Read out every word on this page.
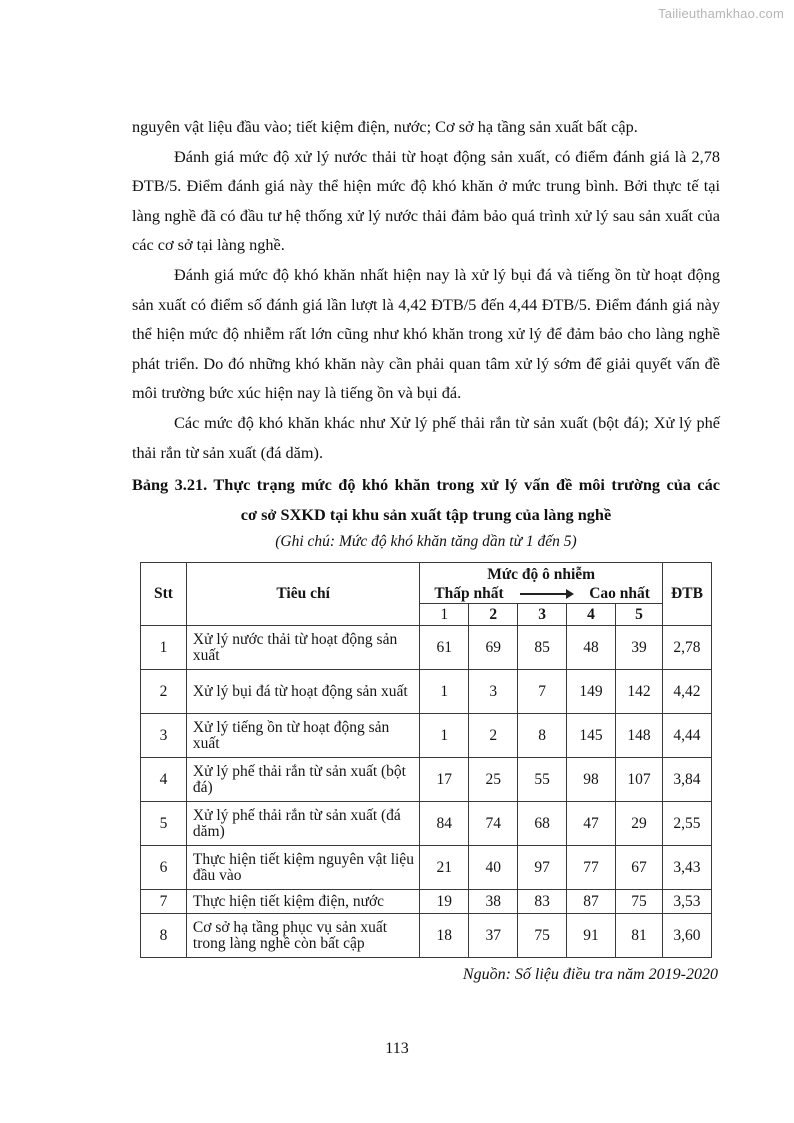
Tailieuthamkhao.com

nguyên vật liệu đầu vào; tiết kiệm điện, nước; Cơ sở hạ tầng sản xuất bất cập.

Đánh giá mức độ xử lý nước thải từ hoạt động sản xuất, có điểm đánh giá là 2,78 ĐTB/5. Điểm đánh giá này thể hiện mức độ khó khăn ở mức trung bình. Bởi thực tế tại làng nghề đã có đầu tư hệ thống xử lý nước thải đảm bảo quá trình xử lý sau sản xuất của các cơ sở tại làng nghề.

Đánh giá mức độ khó khăn nhất hiện nay là xử lý bụi đá và tiếng ồn từ hoạt động sản xuất có điểm số đánh giá lần lượt là 4,42 ĐTB/5 đến 4,44 ĐTB/5. Điểm đánh giá này thể hiện mức độ nhiễm rất lớn cũng như khó khăn trong xử lý để đảm bảo cho làng nghề phát triển. Do đó những khó khăn này cần phải quan tâm xử lý sớm để giải quyết vấn đề môi trường bức xúc hiện nay là tiếng ồn và bụi đá.

Các mức độ khó khăn khác như Xử lý phế thải rắn từ sản xuất (bột đá); Xử lý phế thải rắn từ sản xuất (đá dăm).

Bảng 3.21. Thực trạng mức độ khó khăn trong xử lý vấn đề môi trường của các
cơ sở SXKD tại khu sản xuất tập trung của làng nghề
(Ghi chú: Mức độ khó khăn tăng dần từ 1 đến 5)
Stt	Tiêu chí	Mức độ ô nhiễm
Thấp nhất Cao nhất					ĐTB
		1	2	3	4	5	
1	Xử lý nước thải từ hoạt động sản xuất	61	69	85	48	39	2,78
2	Xử lý bụi đá từ hoạt động sản xuất	1	3	7	149	142	4,42
3	Xử lý tiếng ồn từ hoạt động sản xuất	1	2	8	145	148	4,44
4	Xử lý phế thải rắn từ sản xuất (bột đá)	17	25	55	98	107	3,84
5	Xử lý phế thải rắn từ sản xuất (đá dăm)	84	74	68	47	29	2,55
6	Thực hiện tiết kiệm nguyên vật liệu đầu vào	21	40	97	77	67	3,43
7	Thực hiện tiết kiệm điện, nước	19	38	83	87	75	3,53
8	Cơ sở hạ tầng phục vụ sản xuất trong làng nghề còn bất cập	18	37	75	91	81	3,60
Nguồn: Số liệu điều tra năm 2019-2020
113
